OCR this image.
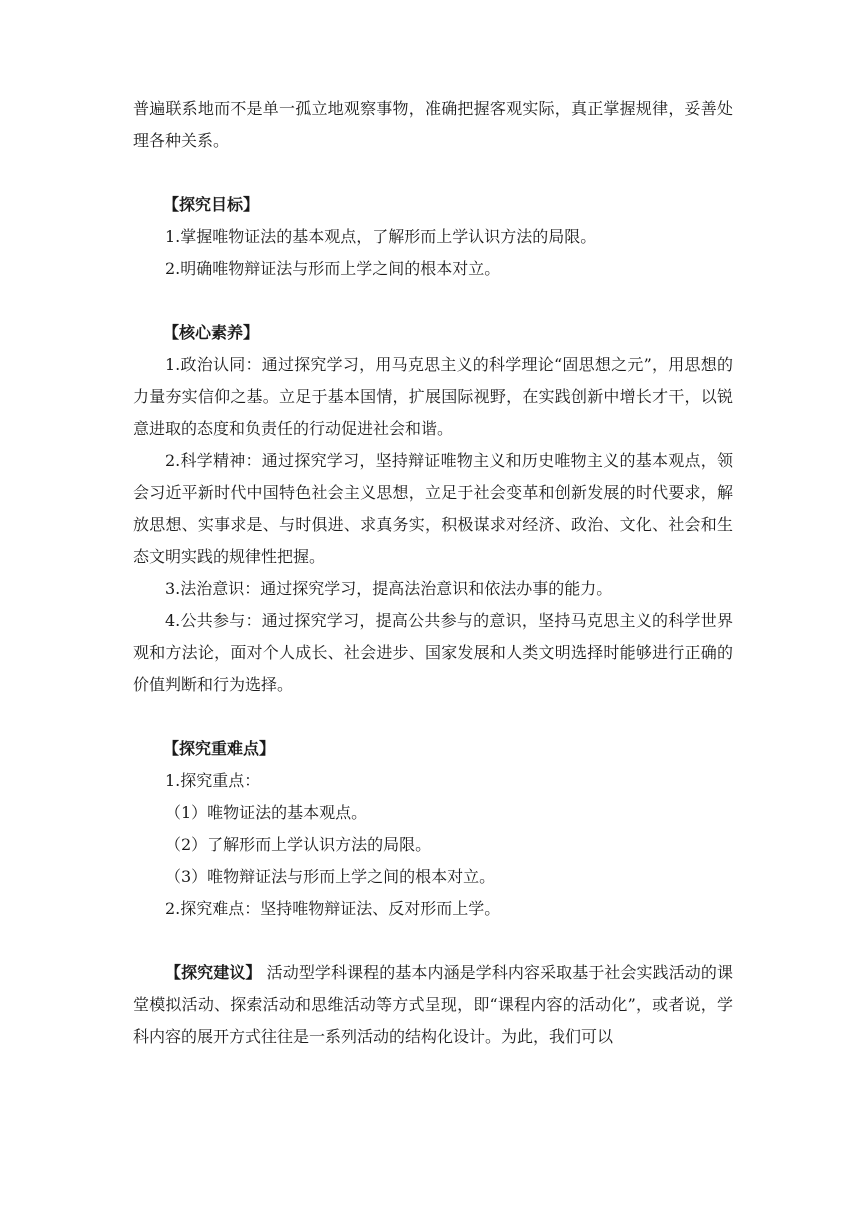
普遍联系地而不是单一孤立地观察事物，准确把握客观实际，真正掌握规律，妥善处理各种关系。

【探究目标】

1.掌握唯物证法的基本观点，了解形而上学认识方法的局限。

2.明确唯物辩证法与形而上学之间的根本对立。

【核心素养】

1.政治认同：通过探究学习，用马克思主义的科学理论“固思想之元”，用思想的力量夯实信仰之基。立足于基本国情，扩展国际视野，在实践创新中增长才干，以锐意进取的态度和负责任的行动促进社会和谐。

2.科学精神：通过探究学习，坚持辩证唯物主义和历史唯物主义的基本观点，领会习近平新时代中国特色社会主义思想，立足于社会变革和创新发展的时代要求，解放思想、实事求是、与时俱进、求真务实，积极谋求对经济、政治、文化、社会和生态文明实践的规律性把握。

3.法治意识：通过探究学习，提高法治意识和依法办事的能力。

4.公共参与：通过探究学习，提高公共参与的意识，坚持马克思主义的科学世界观和方法论，面对个人成长、社会进步、国家发展和人类文明选择时能够进行正确的价值判断和行为选择。

【探究重难点】

1.探究重点：

（1）唯物证法的基本观点。

（2）了解形而上学认识方法的局限。

（3）唯物辩证法与形而上学之间的根本对立。

2.探究难点：坚持唯物辩证法、反对形而上学。

【探究建议】 活动型学科课程的基本内涵是学科内容采取基于社会实践活动的课堂模拟活动、探索活动和思维活动等方式呈现，即“课程内容的活动化”，或者说，学科内容的展开方式往往是一系列活动的结构化设计。为此，我们可以
